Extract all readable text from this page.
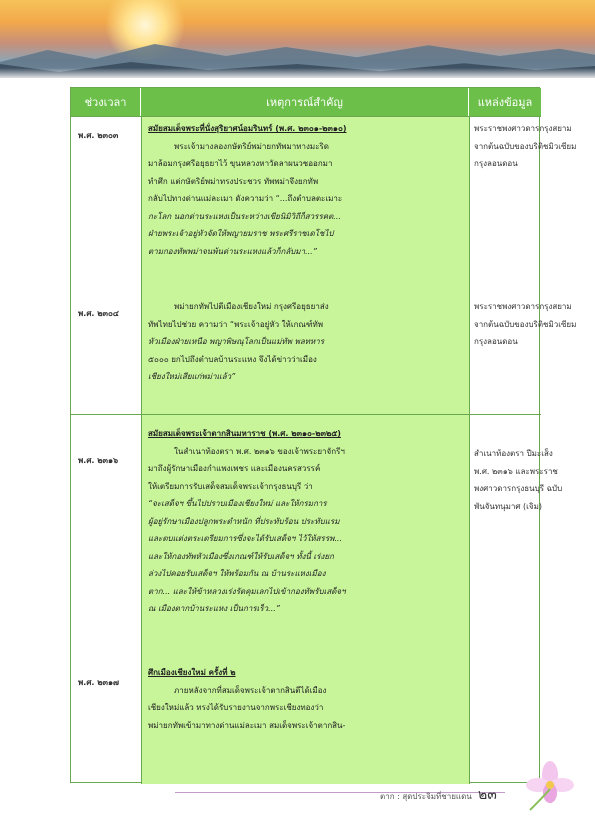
ช่วงเวลา	เหตุการณ์สำคัญ	แหล่งข้อมูล
พ.ศ. ๒๓๐๓
สมัยสมเด็จพระที่นั่งสุริยาศน์อมรินทร์ (พ.ศ. ๒๓๐๑-๒๓๑๐)
พระเจ้ามางลองกษัตริย์พม่ายกทัพมาทางมะริด
มาล้อมกรุงศรีอยุธยาไว้ ขุนหลวงหาวัดลาผนวชออกมา
ทำศึก แต่กษัตริย์พม่าทรงประชวร ทัพพม่าจึงยกทัพ
กลับไปทางด่านแม่ละเมา ดังความว่า “...ถึงตำบลตะเมาะ
กะโลก นอกด่านระแหงเป็นระหว่างเขียนิมิวิถีก็สวรรคต...
ฝ่ายพระเจ้าอยู่หัวจัดให้พญายมราช พระศรีราชเดโชไป
ตามกองทัพพม่าจนพ้นด่านระแหงแล้วก็กลับมา...”
พระราชพงศาวดารกรุงสยาม
จากต้นฉบับของบริติชมิวเซียม
กรุงลอนดอน
พ.ศ. ๒๓๐๔
พม่ายกทัพไปตีเมืองเชียงใหม่ กรุงศรีอยุธยาส่ง
ทัพไทยไปช่วย ความว่า “พระเจ้าอยู่หัว ให้เกณฑ์ทัพ
หัวเมืองฝ่ายเหนือ พญาพิษณุโลกเป็นแม่ทัพ พลทหาร
๕๐๐๐ ยกไปถึงตำบลบ้านระแหง จึงได้ข่าวว่าเมือง
เชียงใหม่เสียแก่พม่าแล้ว”
พระราชพงศาวดารกรุงสยาม
จากต้นฉบับของบริติชมิวเซียม
กรุงลอนดอน
พ.ศ. ๒๓๑๖
สมัยสมเด็จพระเจ้าตากสินมหาราช (พ.ศ. ๒๓๑๐-๒๓๒๕)
ในสำเนาท้องตรา พ.ศ. ๒๓๑๖ ของเจ้าพระยาจักรีฯ
มาถึงผู้รักษาเมืองกำแพงเพชร และเมืองนครสวรรค์
ให้เตรียมการรับเสด็จสมเด็จพระเจ้ากรุงธนบุรี ว่า
“จะเสด็จฯ ขึ้นไปปราบเมืองเชียงใหม่ และให้กรมการ
ผู้อยู่รักษาเมืองปลูกพระตำหนัก ที่ประทับร้อน ประทับแรม
และตบแต่งตระเตรียมการซึ่งจะได้รับเสด็จฯ ไว้ให้สรรพ...
และให้กองทัพหัวเมืองซึ่งเกณฑ์ให้รับเสด็จฯ ทั้งนี้ เร่งยก
ล่วงไปคอยรับเสด็จฯ ให้พร้อมกัน ณ บ้านระแหงเมือง
ตาก... และให้ข้าหลวงเร่งรัดคุมเลกไปเข้ากองทัพรับเสด็จฯ
ณ เมืองตากบ้านระแหง เป็นการเร็ว...”
สำเนาท้องตรา ปีมะเส็ง
พ.ศ. ๒๓๑๖ และพระราช
พงศาวดารกรุงธนบุรี ฉบับ
พันจันทนุมาศ (เจิม)
พ.ศ. ๒๓๑๗
ศึกเมืองเชียงใหม่ ครั้งที่ ๒
ภายหลังจากที่สมเด็จพระเจ้าตากสินตีได้เมือง
เชียงใหม่แล้ว ทรงได้รับรายงานจากพระเชียงทองว่า
พม่ายกทัพเข้ามาทางด่านแม่ละเมา สมเด็จพระเจ้าตากสิน-
ตาก : สุดประจิมที่ชายแดน ๒๓
